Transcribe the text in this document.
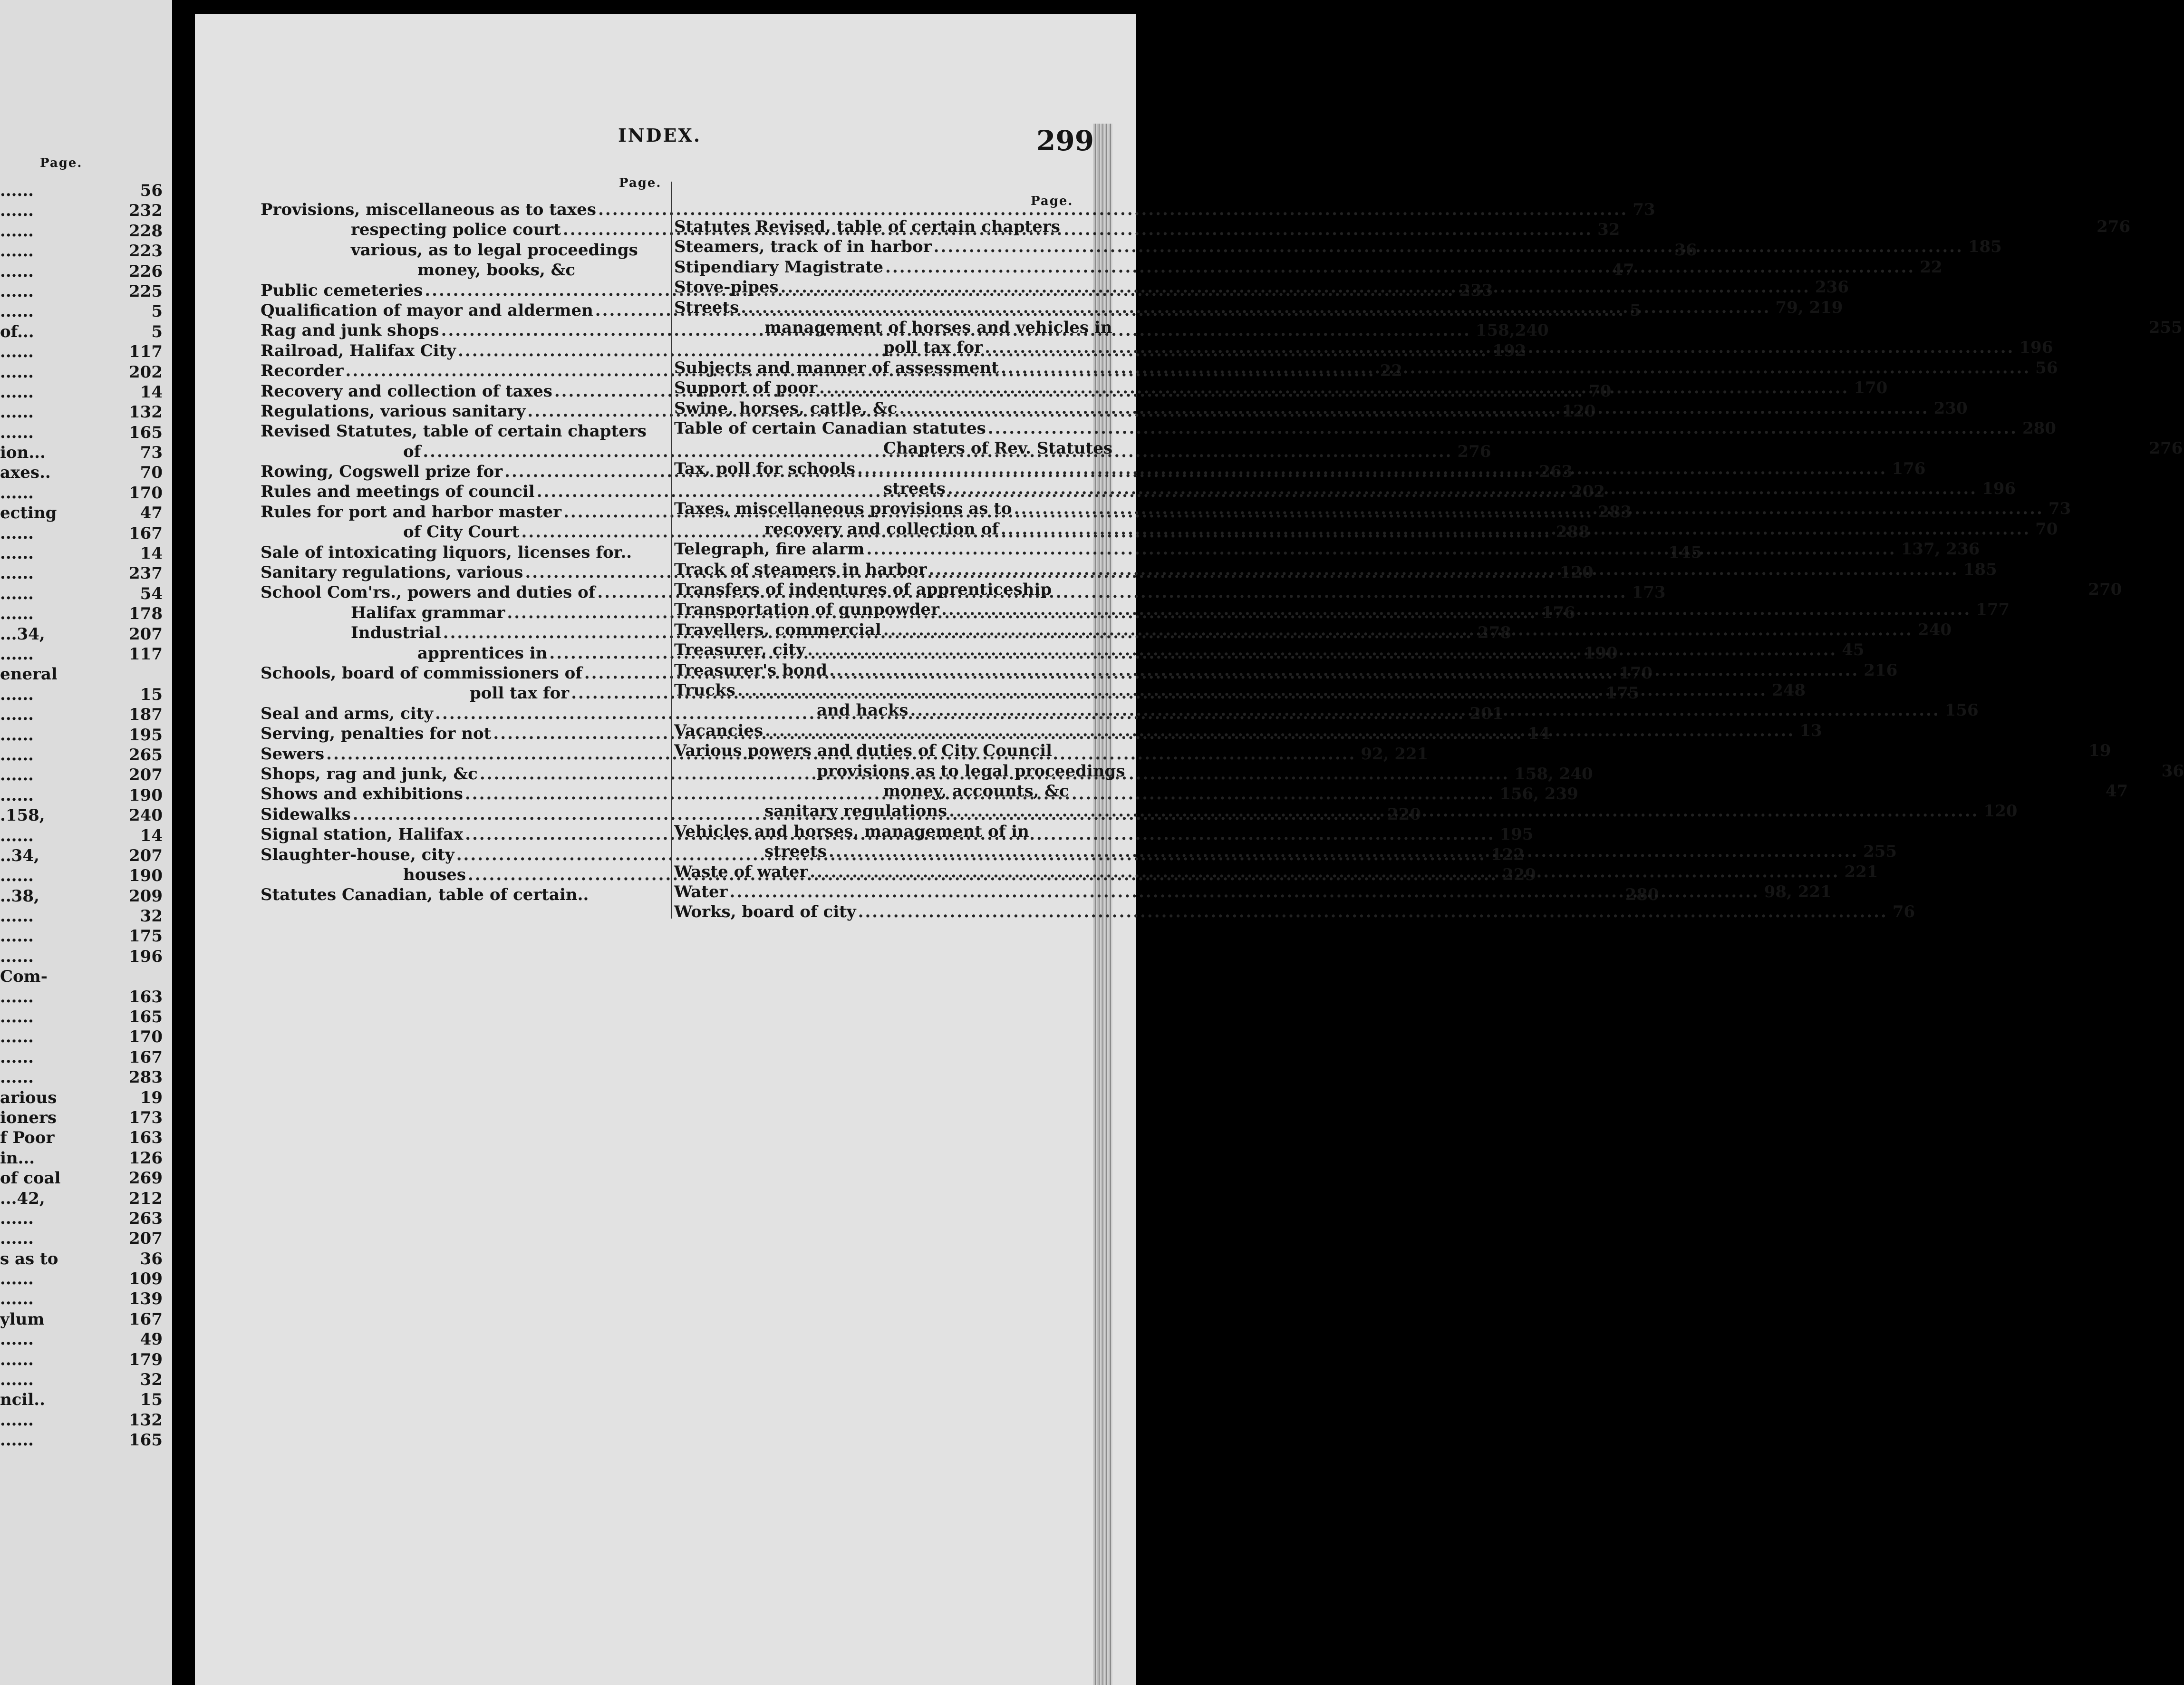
Page.
......	56
......	232
......	228
......	223
......	226
......	225
......	5
of...	5
......	117
......	202
......	14
......	132
......	165
ion...	73
axes..	70
......	170
ecting	47
......	167
......	14
......	237
......	54
......	178
...34,	207
......	117
eneral
......	15
......	187
......	195
......	265
......	207
......	190
.158,	240
......	14
..34,	207
......	190
..38,	209
......	32
......	175
......	196
Com-
......	163
......	165
......	170
......	167
......	283
arious	19
ioners	173
f Poor	163
in...	126
of coal	269
...42,	212
......	263
......	207
s as to	36
......	109
......	139
ylum	167
......	49
......	179
......	32
ncil..	15
......	132
......	165
INDEX.	299
Page.
Page.
Provisions, miscellaneous as to taxes .....	73
respecting police court .....	32
various, as to legal proceedings	36
money, books, &c	47
Public cemeteries .....	233
Qualification of mayor and aldermen .....	5
Rag and junk shops .....	158,240
Railroad, Halifax City .....	192
Recorder .....	22
Recovery and collection of taxes .....	70
Regulations, various sanitary .....	120
Revised Statutes, table of certain chapters
of .....	276
Rowing, Cogswell prize for .....	263
Rules and meetings of council .....	202
Rules for port and harbor master .....	283
of City Court .....	288
Sale of intoxicating liquors, licenses for..	145
Sanitary regulations, various .....	120
School Com'rs., powers and duties of .....	173
Halifax grammar .....	176
Industrial .....	278
apprentices in .....	190
Schools, board of commissioners of .....	170
poll tax for .....	175
Seal and arms, city .....	201
Serving, penalties for not .....	14
Sewers .....	92, 221
Shops, rag and junk, &c .....	158, 240
Shows and exhibitions .....	156, 239
Sidewalks .....	220
Signal station, Halifax .....	195
Slaughter-house, city .....	122
houses .....	229
Statutes Canadian, table of certain..	280
Statutes Revised, table of certain chapters	276
Steamers, track of in harbor .....	185
Stipendiary Magistrate .....	22
Stove-pipes .....	236
Streets .....	79, 219
management of horses and vehicles in	255
poll tax for .....	196
Subjects and manner of assessment .....	56
Support of poor .....	170
Swine, horses, cattle, &c .....	230
Table of certain Canadian statutes .....	280
Chapters of Rev. Statutes	276
Tax, poll for schools .....	176
streets .....	196
Taxes, miscellaneous provisions as to .....	73
recovery and collection of .....	70
Telegraph, fire alarm .....	137, 236
Track of steamers in harbor .....	185
Transfers of indentures of apprenticeship	270
Transportation of gunpowder .....	177
Travellers, commercial .....	240
Treasurer, city .....	45
Treasurer's bond .....	216
Trucks .....	248
and hacks .....	156
Vacancies .....	13
Various powers and duties of City Council	19
provisions as to legal proceedings	36
money, accounts, &c	47
sanitary regulations .....	120
Vehicles and horses, management of in
streets .....	255
Waste of water .....	221
Water .....	98, 221
Works, board of city .....	76
